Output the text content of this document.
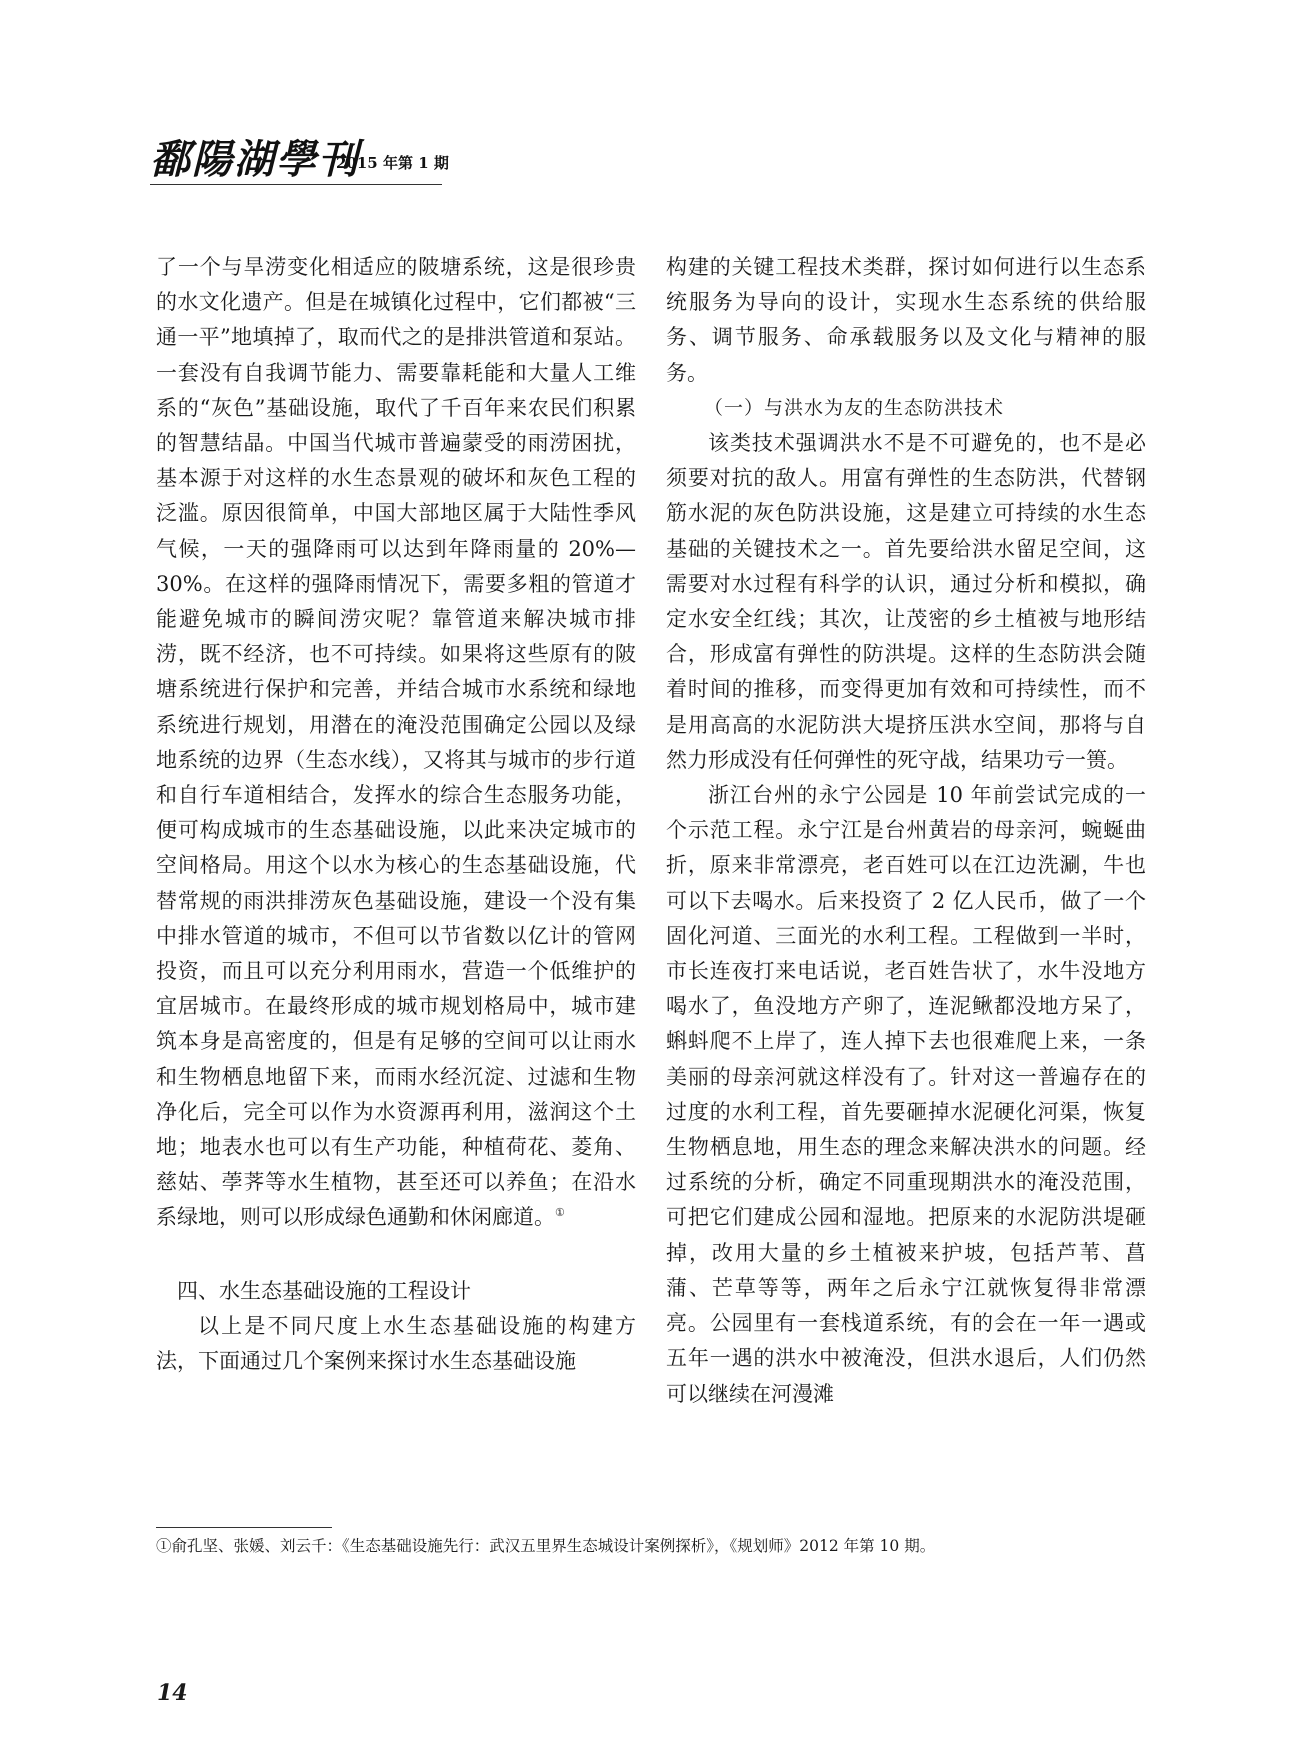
鄱陽湖學刊
2015 年第 1 期

了一个与旱涝变化相适应的陂塘系统，这是很珍贵的水文化遗产。但是在城镇化过程中，它们都被“三通一平”地填掉了，取而代之的是排洪管道和泵站。一套没有自我调节能力、需要靠耗能和大量人工维系的“灰色”基础设施，取代了千百年来农民们积累的智慧结晶。中国当代城市普遍蒙受的雨涝困扰，基本源于对这样的水生态景观的破坏和灰色工程的泛滥。原因很简单，中国大部地区属于大陆性季风气候，一天的强降雨可以达到年降雨量的 20%—30%。在这样的强降雨情况下，需要多粗的管道才能避免城市的瞬间涝灾呢？靠管道来解决城市排涝，既不经济，也不可持续。如果将这些原有的陂塘系统进行保护和完善，并结合城市水系统和绿地系统进行规划，用潜在的淹没范围确定公园以及绿地系统的边界（生态水线），又将其与城市的步行道和自行车道相结合，发挥水的综合生态服务功能，便可构成城市的生态基础设施，以此来决定城市的空间格局。用这个以水为核心的生态基础设施，代替常规的雨洪排涝灰色基础设施，建设一个没有集中排水管道的城市，不但可以节省数以亿计的管网投资，而且可以充分利用雨水，营造一个低维护的宜居城市。在最终形成的城市规划格局中，城市建筑本身是高密度的，但是有足够的空间可以让雨水和生物栖息地留下来，而雨水经沉淀、过滤和生物净化后，完全可以作为水资源再利用，滋润这个土地；地表水也可以有生产功能，种植荷花、菱角、慈姑、荸荠等水生植物，甚至还可以养鱼；在沿水系绿地，则可以形成绿色通勤和休闲廊道。①

四、水生态基础设施的工程设计

以上是不同尺度上水生态基础设施的构建方法，下面通过几个案例来探讨水生态基础设施

构建的关键工程技术类群，探讨如何进行以生态系统服务为导向的设计，实现水生态系统的供给服务、调节服务、命承载服务以及文化与精神的服务。

（一）与洪水为友的生态防洪技术

该类技术强调洪水不是不可避免的，也不是必须要对抗的敌人。用富有弹性的生态防洪，代替钢筋水泥的灰色防洪设施，这是建立可持续的水生态基础的关键技术之一。首先要给洪水留足空间，这需要对水过程有科学的认识，通过分析和模拟，确定水安全红线；其次，让茂密的乡土植被与地形结合，形成富有弹性的防洪堤。这样的生态防洪会随着时间的推移，而变得更加有效和可持续性，而不是用高高的水泥防洪大堤挤压洪水空间，那将与自然力形成没有任何弹性的死守战，结果功亏一篑。

浙江台州的永宁公园是 10 年前尝试完成的一个示范工程。永宁江是台州黄岩的母亲河，蜿蜒曲折，原来非常漂亮，老百姓可以在江边洗涮，牛也可以下去喝水。后来投资了 2 亿人民币，做了一个固化河道、三面光的水利工程。工程做到一半时，市长连夜打来电话说，老百姓告状了，水牛没地方喝水了，鱼没地方产卵了，连泥鳅都没地方呆了，蝌蚪爬不上岸了，连人掉下去也很难爬上来，一条美丽的母亲河就这样没有了。针对这一普遍存在的过度的水利工程，首先要砸掉水泥硬化河渠，恢复生物栖息地，用生态的理念来解决洪水的问题。经过系统的分析，确定不同重现期洪水的淹没范围，可把它们建成公园和湿地。把原来的水泥防洪堤砸掉，改用大量的乡土植被来护坡，包括芦苇、菖蒲、芒草等等，两年之后永宁江就恢复得非常漂亮。公园里有一套栈道系统，有的会在一年一遇或五年一遇的洪水中被淹没，但洪水退后，人们仍然可以继续在河漫滩

①俞孔坚、张媛、刘云千：《生态基础设施先行：武汉五里界生态城设计案例探析》，《规划师》2012 年第 10 期。
14
